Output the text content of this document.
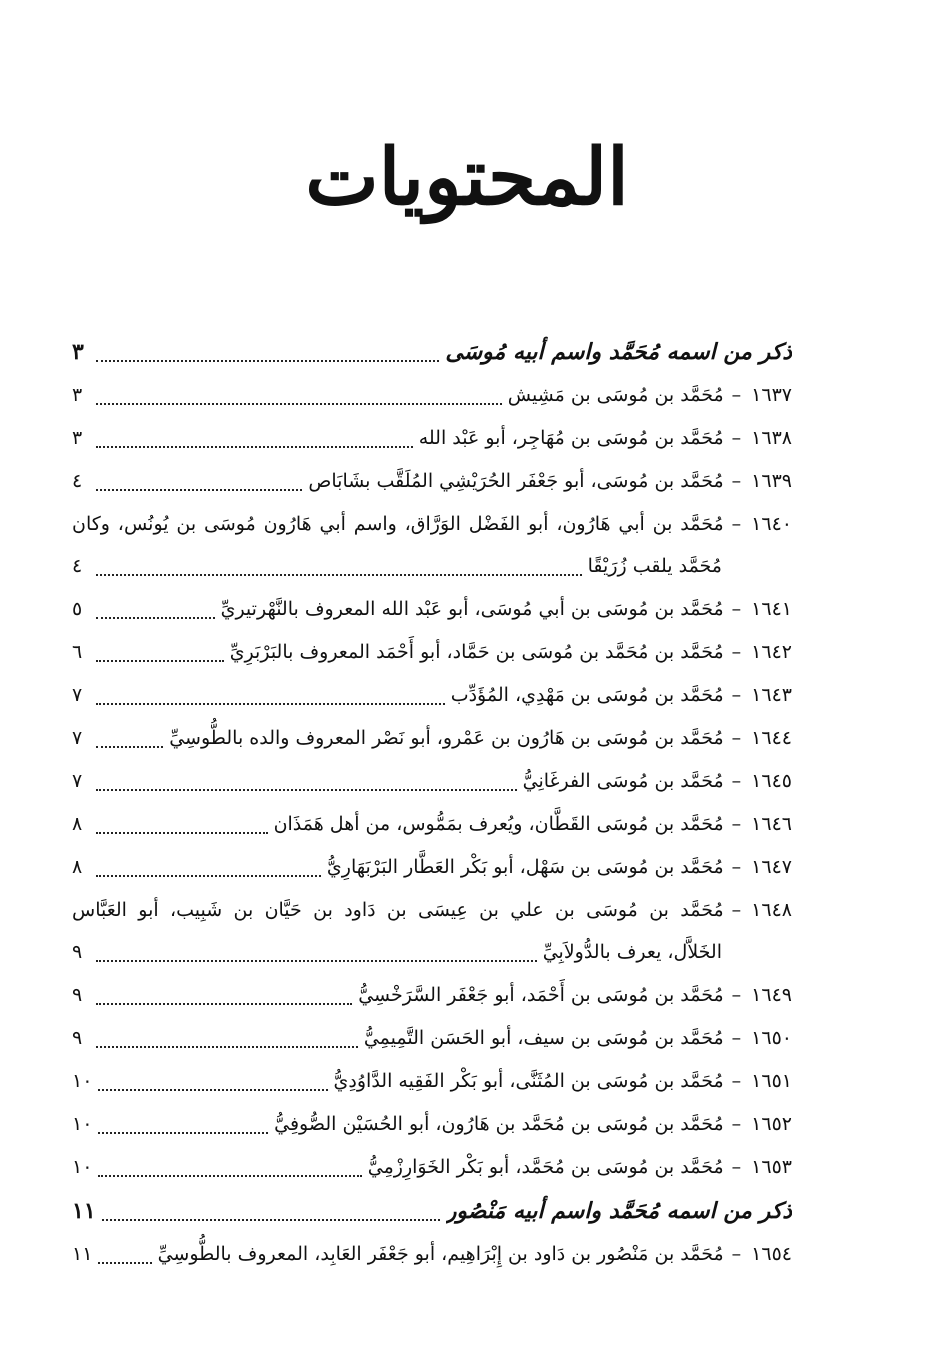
المحتويات
ذكر من اسمه مُحَمَّد واسم أبيه مُوسَى
٣
١٦٣٧
–
مُحَمَّد بن مُوسَى بن مَشِيش
٣
١٦٣٨
–
مُحَمَّد بن مُوسَى بن مُهَاجِر، أبو عَبْد الله
٣
١٦٣٩
–
مُحَمَّد بن مُوسَى، أبو جَعْفَر الحُرَيْشِي المُلَقَّب بشَابَاص
٤
١٦٤٠
–
مُحَمَّد بن أبي هَارُون، أبو الفَضْل الوَرَّاق، واسم أبي هَارُون مُوسَى بن يُونُس، وكان
مُحَمَّد يلقب زُرَيْقًا
٤
١٦٤١
–
مُحَمَّد بن مُوسَى بن أبي مُوسَى، أبو عَبْد الله المعروف بالنَّهْرتيريِّ
٥
١٦٤٢
–
مُحَمَّد بن مُحَمَّد بن مُوسَى بن حَمَّاد، أبو أَحْمَد المعروف بالبَرْبَرِيِّ
٦
١٦٤٣
–
مُحَمَّد بن مُوسَى بن مَهْدِي، المُؤَدِّب
٧
١٦٤٤
–
مُحَمَّد بن مُوسَى بن هَارُون بن عَمْرو، أبو نَصْر المعروف والده بالطُّوسِيِّ
٧
١٦٤٥
–
مُحَمَّد بن مُوسَى الفرغَانِيُّ
٧
١٦٤٦
–
مُحَمَّد بن مُوسَى القَطَّان، ويُعرف بمَمُّوس، من أهل هَمَذَان
٨
١٦٤٧
–
مُحَمَّد بن مُوسَى بن سَهْل، أبو بَكْر العَطَّار البَرْبَهَارِيُّ
٨
١٦٤٨
–
مُحَمَّد بن مُوسَى بن علي بن عِيسَى بن دَاود بن حَيَّان بن شَبِيب، أبو العَبَّاس
الخَلاَّل، يعرف بالدُّولاَبِيِّ
٩
١٦٤٩
–
مُحَمَّد بن مُوسَى بن أَحْمَد، أبو جَعْفَر السَّرَخْسِيُّ
٩
١٦٥٠
–
مُحَمَّد بن مُوسَى بن سيف، أبو الحَسَن التَّمِيمِيُّ
٩
١٦٥١
–
مُحَمَّد بن مُوسَى بن المُثَنَّى، أبو بَكْر الفَقِيه الدَّاوُدِيُّ
١٠
١٦٥٢
–
مُحَمَّد بن مُوسَى بن مُحَمَّد بن هَارُون، أبو الحُسَيْن الصُّوفِيُّ
١٠
١٦٥٣
–
مُحَمَّد بن مُوسَى بن مُحَمَّد، أبو بَكْر الخَوَارِزْمِيُّ
١٠
ذكر من اسمه مُحَمَّد واسم أبيه مَنْصُور
١١
١٦٥٤
–
مُحَمَّد بن مَنْصُور بن دَاود بن إِبْرَاهِيم، أبو جَعْفَر العَابِد، المعروف بالطُّوسِيِّ
١١
